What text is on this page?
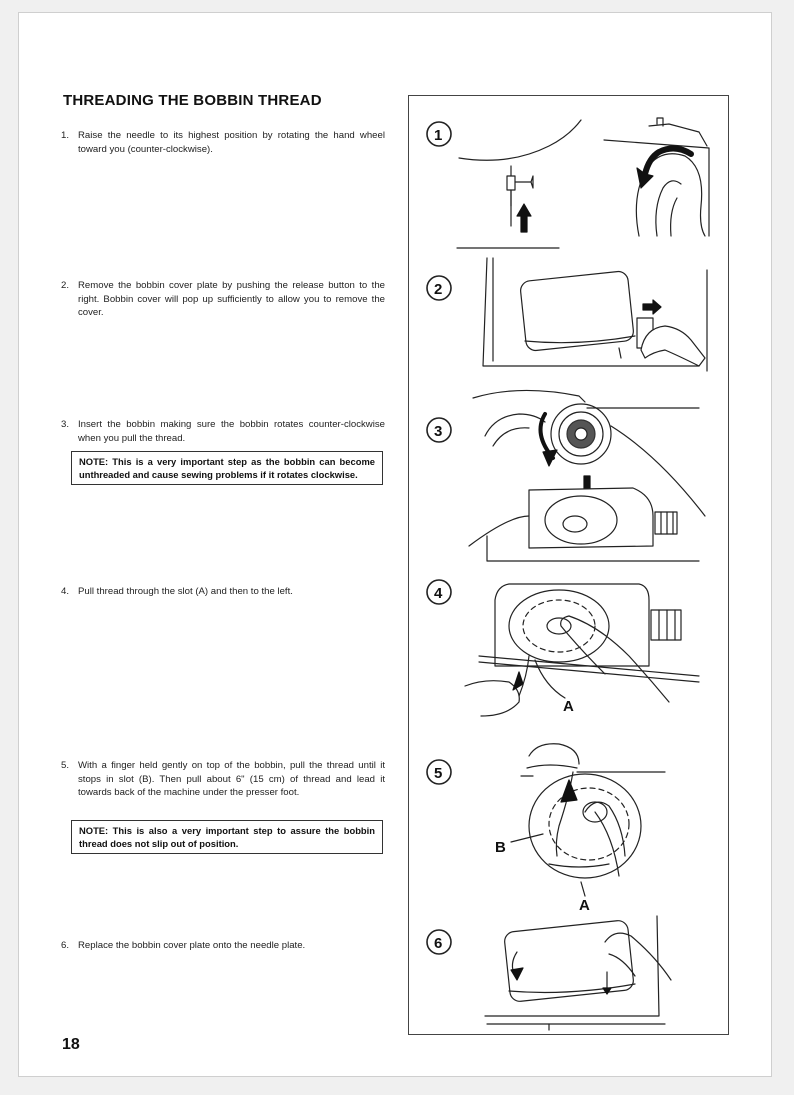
THREADING THE BOBBIN THREAD
1. Raise the needle to its highest position by rotating the hand wheel toward you (counter-clockwise).
2. Remove the bobbin cover plate by pushing the release button to the right. Bobbin cover will pop up sufficiently to allow you to remove the cover.
3. Insert the bobbin making sure the bobbin rotates counter-clockwise when you pull the thread.
NOTE: This is a very important step as the bobbin can become unthreaded and cause sewing problems if it rotates clockwise.
4. Pull thread through the slot (A) and then to the left.
5. With a finger held gently on top of the bobbin, pull the thread until it stops in slot (B). Then pull about 6" (15 cm) of thread and lead it towards back of the machine under the presser foot.
NOTE: This is also a very important step to assure the bobbin thread does not slip out of position.
6. Replace the bobbin cover plate onto the needle plate.
18
A
B
A
1
2
3
4
5
6
